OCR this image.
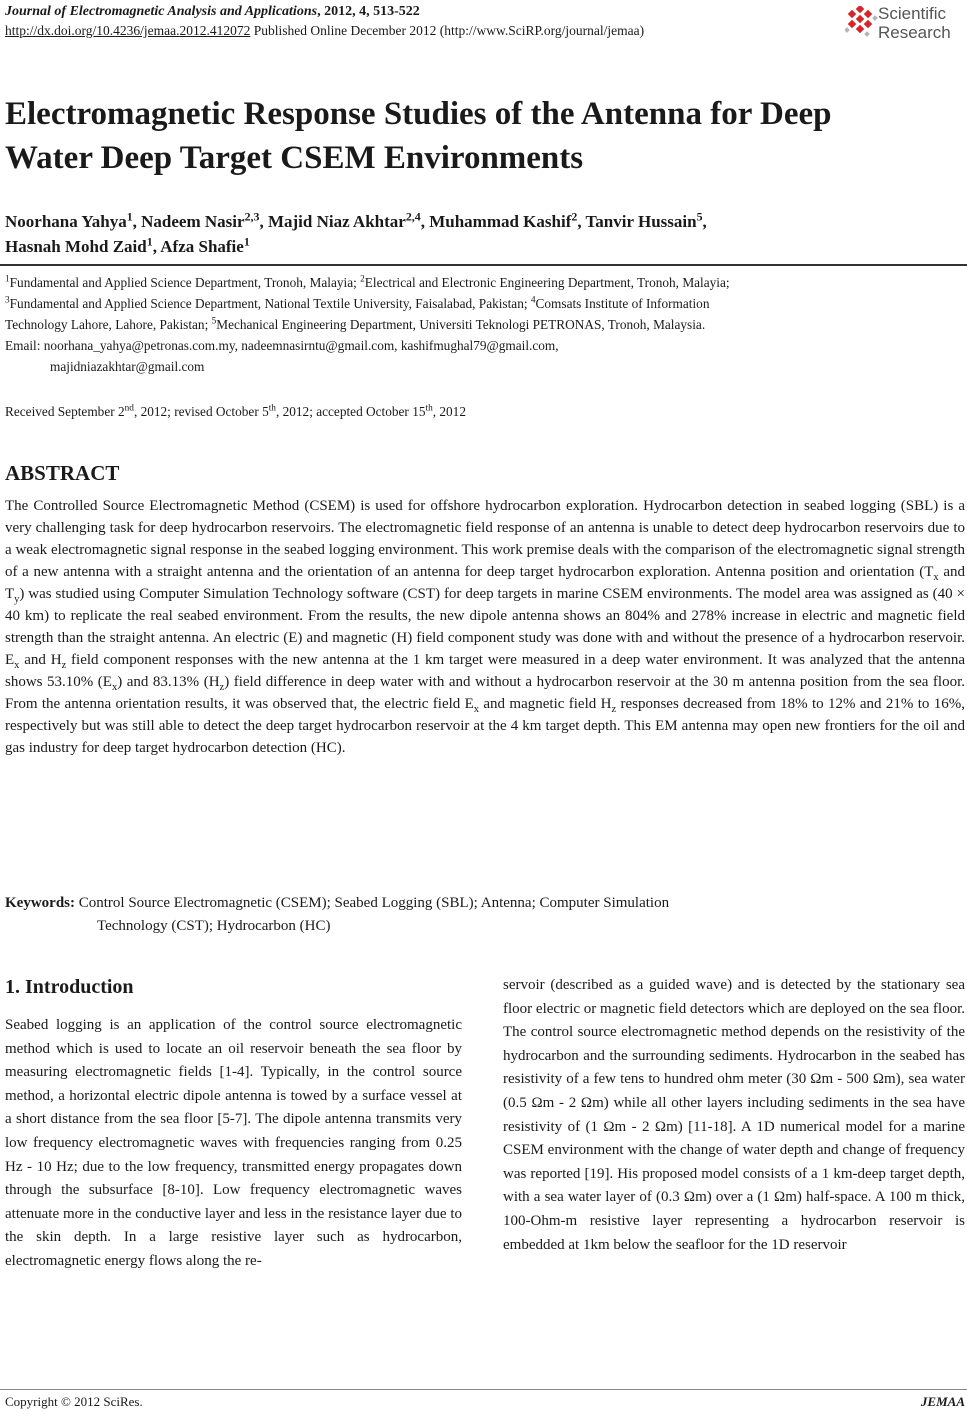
Journal of Electromagnetic Analysis and Applications, 2012, 4, 513-522
http://dx.doi.org/10.4236/jemaa.2012.412072 Published Online December 2012 (http://www.SciRP.org/journal/jemaa)
Scientific
Research
Electromagnetic Response Studies of the Antenna for Deep
Water Deep Target CSEM Environments
Noorhana Yahya$^1$, Nadeem Nasir$^{2,3}$, Majid Niaz Akhtar$^{2,4}$, Muhammad Kashif$^2$, Tanvir Hussain$^5$,
Hasnah Mohd Zaid$^1$, Afza Shafie$^1$
$^1$Fundamental and Applied Science Department, Tronoh, Malayia; $^2$Electrical and Electronic Engineering Department, Tronoh, Malayia;
$^3$Fundamental and Applied Science Department, National Textile University, Faisalabad, Pakistan; $^4$Comsats Institute of Information
Technology Lahore, Lahore, Pakistan; $^5$Mechanical Engineering Department, Universiti Teknologi PETRONAS, Tronoh, Malaysia.
Email: noorhana_yahya@petronas.com.my, nadeemnasirntu@gmail.com, kashifmughal79@gmail.com,
majidniazakhtar@gmail.com
Received September 2nd, 2012; revised October 5th, 2012; accepted October 15th, 2012
ABSTRACT
The Controlled Source Electromagnetic Method (CSEM) is used for offshore hydrocarbon exploration. Hydrocarbon detection in seabed logging (SBL) is a very challenging task for deep hydrocarbon reservoirs. The electromagnetic field response of an antenna is unable to detect deep hydrocarbon reservoirs due to a weak electromagnetic signal response in the seabed logging environment. This work premise deals with the comparison of the electromagnetic signal strength of a new antenna with a straight antenna and the orientation of an antenna for deep target hydrocarbon exploration. Antenna position and orientation ($T_x$ and $T_y$) was studied using Computer Simulation Technology software (CST) for deep targets in marine CSEM environments. The model area was assigned as (40 × 40 km) to replicate the real seabed environment. From the results, the new dipole antenna shows an 804% and 278% increase in electric and magnetic field strength than the straight antenna. An electric (E) and magnetic (H) field component study was done with and without the presence of a hydrocarbon reservoir. $E_x$ and $H_z$ field component responses with the new antenna at the 1 km target were measured in a deep water environment. It was analyzed that the antenna shows 53.10% $(E_x)$ and 83.13% $(H_z)$ field difference in deep water with and without a hydrocarbon reservoir at the 30 m antenna position from the sea floor. From the antenna orientation results, it was observed that, the electric field $E_x$ and magnetic field $H_z$ responses decreased from 18% to 12% and 21% to 16%, respectively but was still able to detect the deep target hydrocarbon reservoir at the 4 km target depth. This EM antenna may open new frontiers for the oil and gas industry for deep target hydrocarbon detection (HC).
Keywords: Control Source Electromagnetic (CSEM); Seabed Logging (SBL); Antenna; Computer Simulation
Technology (CST); Hydrocarbon (HC)
1. Introduction
Seabed logging is an application of the control source electromagnetic method which is used to locate an oil reservoir beneath the sea floor by measuring electromagnetic fields [1-4]. Typically, in the control source method, a horizontal electric dipole antenna is towed by a surface vessel at a short distance from the sea floor [5-7]. The dipole antenna transmits very low frequency electromagnetic waves with frequencies ranging from 0.25 Hz - 10 Hz; due to the low frequency, transmitted energy propagates down through the subsurface [8-10]. Low frequency electromagnetic waves attenuate more in the conductive layer and less in the resistance layer due to the skin depth. In a large resistive layer such as hydrocarbon, electromagnetic energy flows along the re-
servoir (described as a guided wave) and is detected by the stationary sea floor electric or magnetic field detectors which are deployed on the sea floor. The control source electromagnetic method depends on the resistivity of the hydrocarbon and the surrounding sediments. Hydrocarbon in the seabed has resistivity of a few tens to hundred ohm meter (30 Ωm - 500 Ωm), sea water (0.5 Ωm - 2 Ωm) while all other layers including sediments in the sea have resistivity of (1 Ωm - 2 Ωm) [11-18]. A 1D numerical model for a marine CSEM environment with the change of water depth and change of frequency was reported [19]. His proposed model consists of a 1 km-deep target depth, with a sea water layer of (0.3 Ωm) over a (1 Ωm) half-space. A 100 m thick, 100-Ohm-m resistive layer representing a hydrocarbon reservoir is embedded at 1km below the seafloor for the 1D reservoir
Copyright © 2012 SciRes.	JEMAA
